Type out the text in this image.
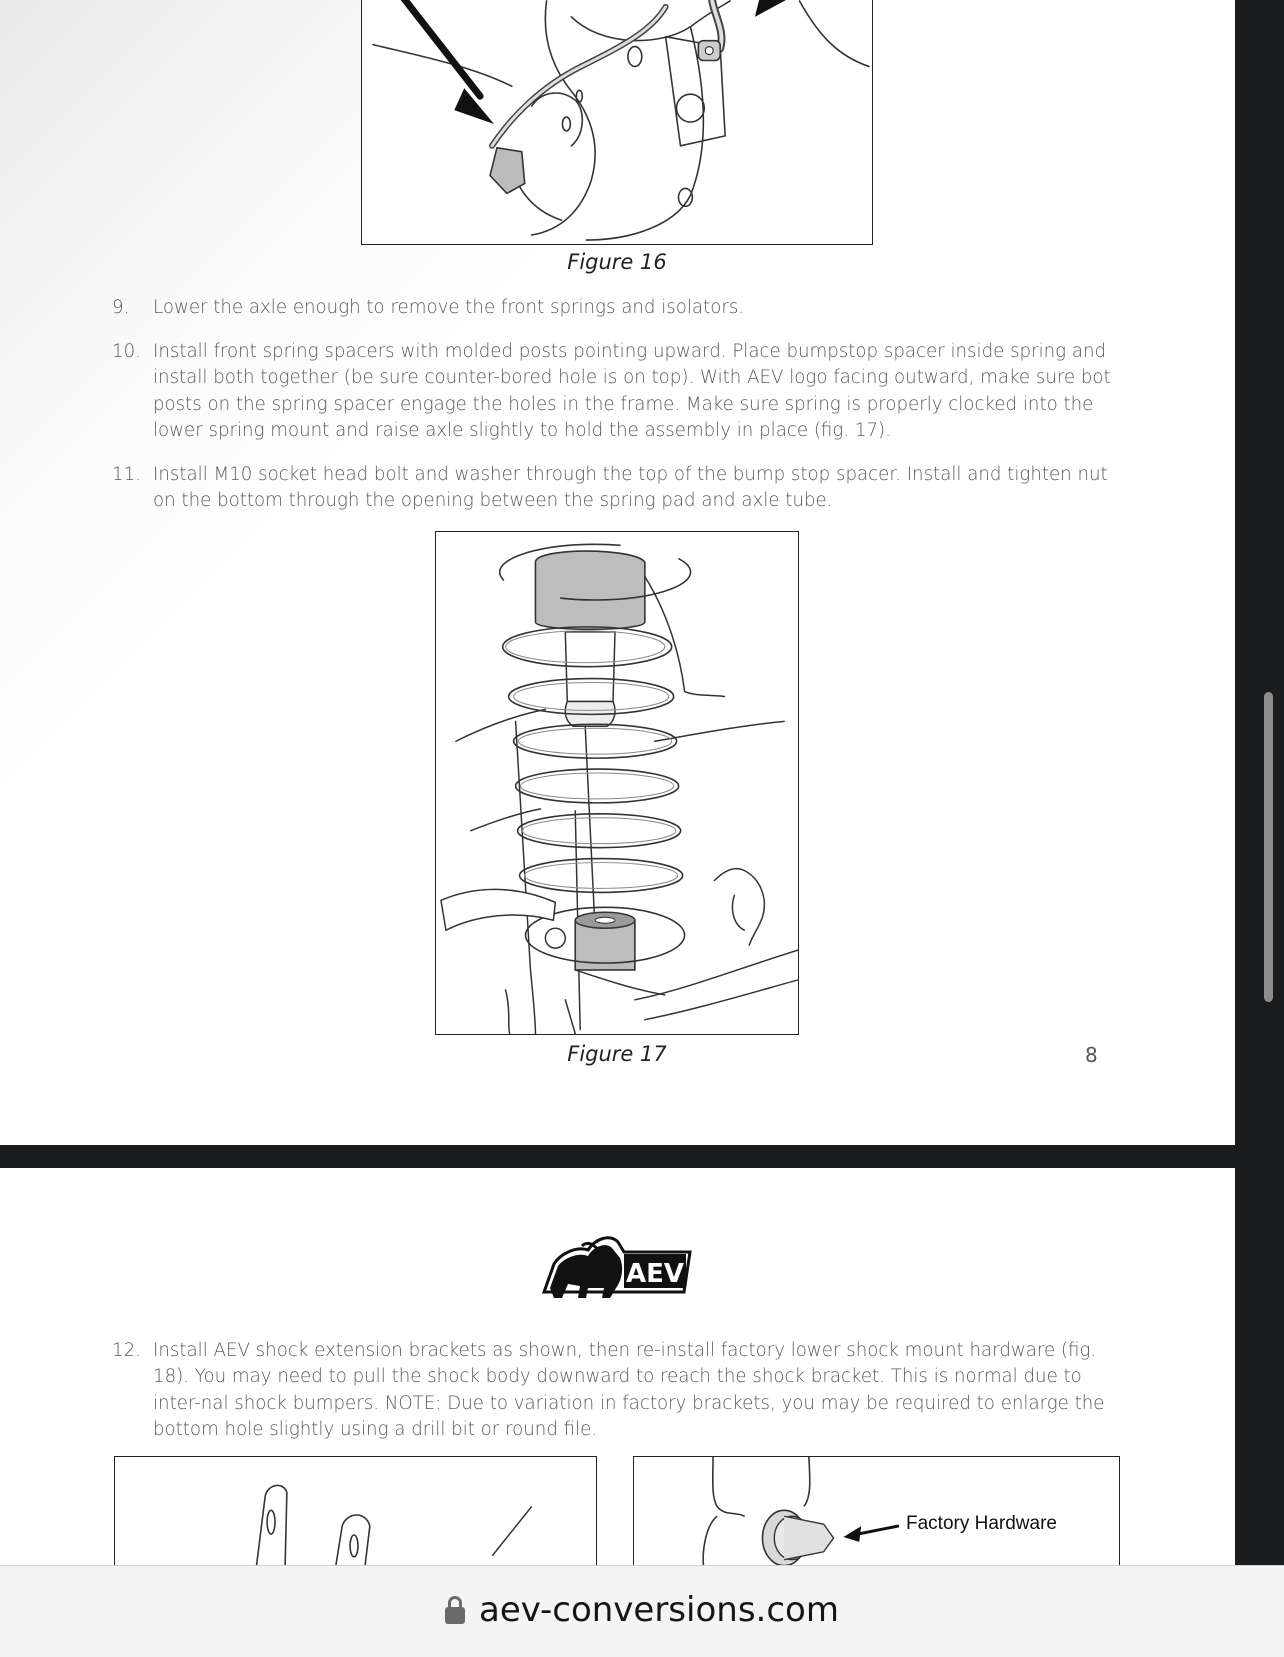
Figure 16
9.	Lower the axle enough to remove the front springs and isolators.
10. Install front spring spacers with molded posts pointing upward. Place bumpstop spacer inside spring and install both together (be sure counter-bored hole is on top). With AEV logo facing outward, make sure bot posts on the spring spacer engage the holes in the frame. Make sure spring is properly clocked into the lower spring mount and raise axle slightly to hold the assembly in place (fig. 17).
11. Install M10 socket head bolt and washer through the top of the bump stop spacer. Install and tighten nut on the bottom through the opening between the spring pad and axle tube.
Figure 17	8
AEV
12. Install AEV shock extension brackets as shown, then re-install factory lower shock mount hardware (fig. 18). You may need to pull the shock body downward to reach the shock bracket. This is normal due to inter-nal shock bumpers. NOTE: Due to variation in factory brackets, you may be required to enlarge the bottom hole slightly using a drill bit or round file.
Factory Hardware
aev-conversions.com
